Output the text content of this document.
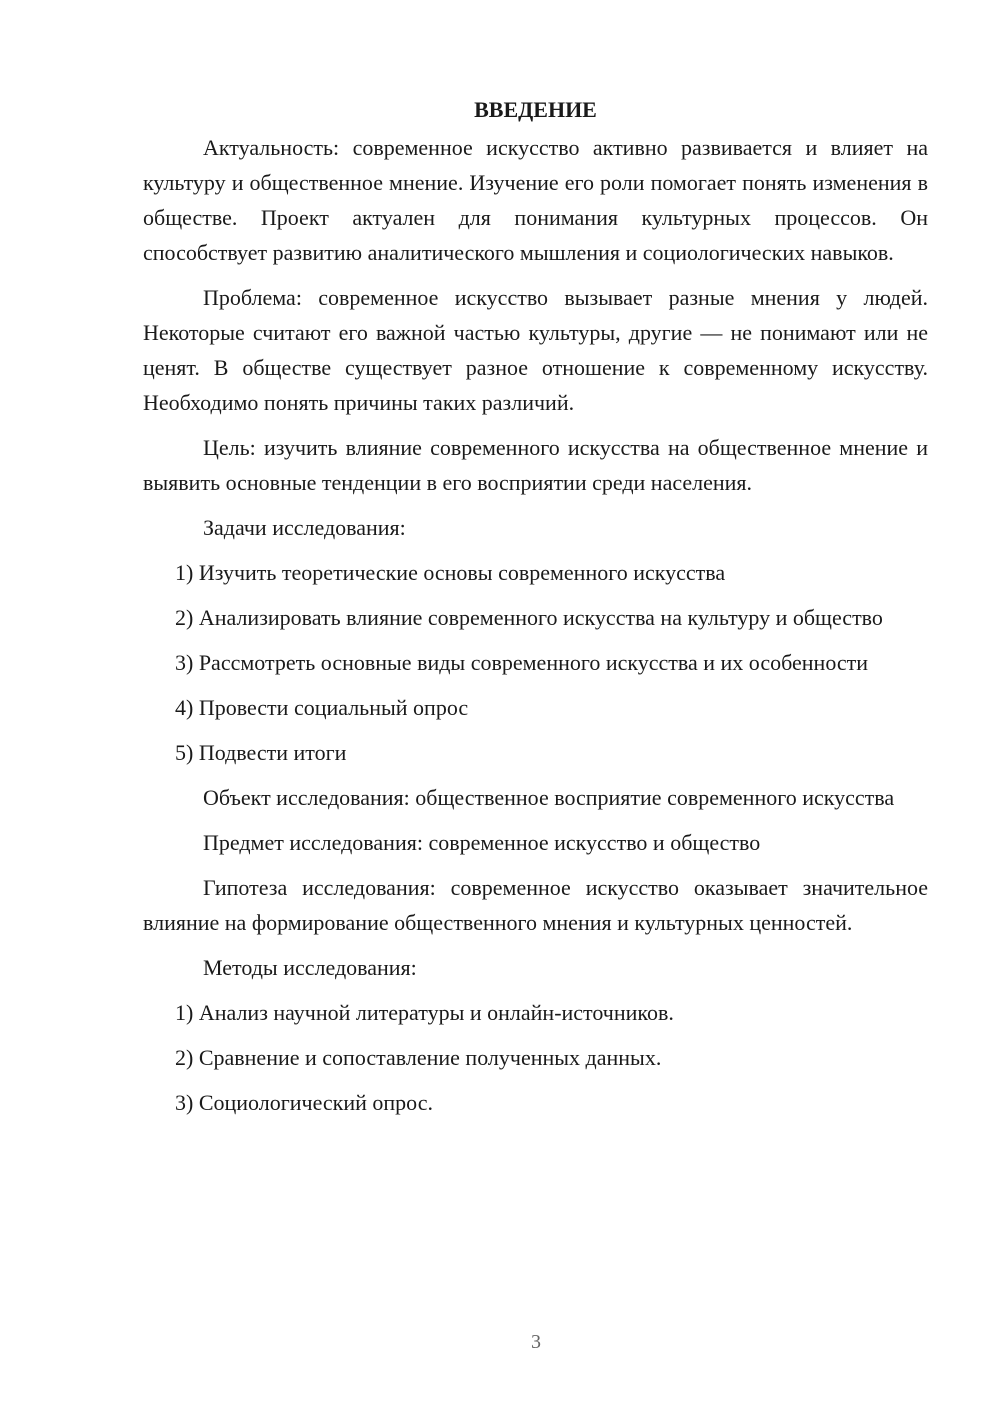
ВВЕДЕНИЕ

Актуальность: современное искусство активно развивается и влияет на культуру и общественное мнение. Изучение его роли помогает понять изменения в обществе. Проект актуален для понимания культурных процессов. Он способствует развитию аналитического мышления и социологических навыков.

Проблема: современное искусство вызывает разные мнения у людей. Некоторые считают его важной частью культуры, другие — не понимают или не ценят. В обществе существует разное отношение к современному искусству. Необходимо понять причины таких различий.

Цель: изучить влияние современного искусства на общественное мнение и выявить основные тенденции в его восприятии среди населения.

Задачи исследования:

1) Изучить теоретические основы современного искусства

2) Анализировать влияние современного искусства на культуру и общество

3) Рассмотреть основные виды современного искусства и их особенности

4) Провести социальный опрос

5) Подвести итоги

Объект исследования: общественное восприятие современного искусства

Предмет исследования: современное искусство и общество

Гипотеза исследования: современное искусство оказывает значительное влияние на формирование общественного мнения и культурных ценностей.

Методы исследования:

1) Анализ научной литературы и онлайн-источников.

2) Сравнение и сопоставление полученных данных.

3) Социологический опрос.

3
